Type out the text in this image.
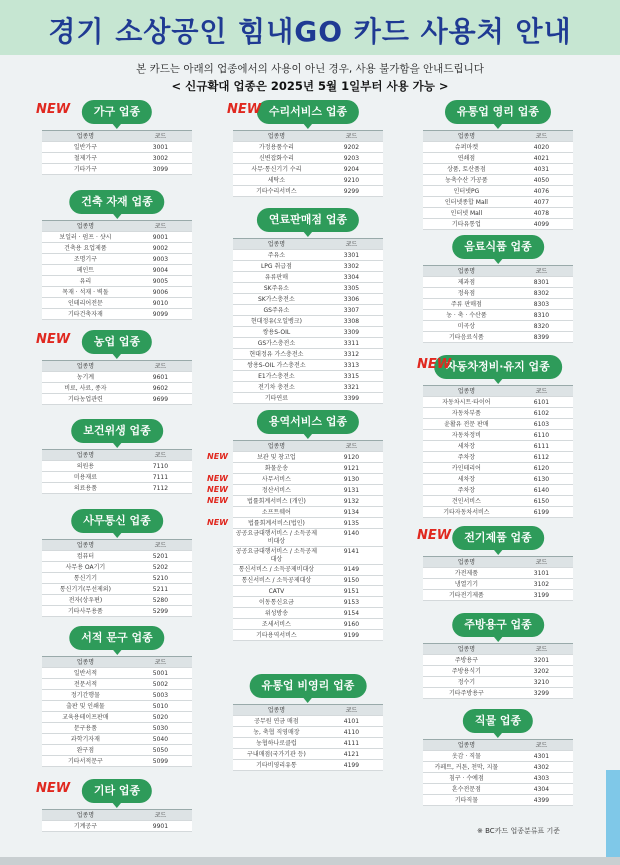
경기 소상공인 힘내GO 카드 사용처 안내
본 카드는 아래의 업종에서의 사용이 아닌 경우, 사용 불가함을 안내드립니다
< 신규확대 업종은 2025년 5월 1일부터 사용 가능 >
가구 업종
NEW
업종명	코드
일반가구	3001
철제가구	3002
기타가구	3099
건축 자재 업종
업종명	코드
보일러 · 펌프 · 샷시	9001
건축용 요업제품	9002
조명기구	9003
페인트	9004
유리	9005
목재 · 석재 · 벽돌	9006
인테리어전문	9010
기타건축자재	9099
농업 업종
NEW
업종명	코드
농기계	9601
비료, 사료, 종자	9602
기타농업관련	9699
보건위생 업종
업종명	코드
의원용	7110
미용재료	7111
의료용품	7112
사무통신 업종
업종명	코드
컴퓨터	5201
사무용 OA기기	5202
통신기기	5210
통신기기(무선제외)	5211
전자(상우편)	5280
기타사무용품	5299
서적 문구 업종
업종명	코드
일반서적	5001
전문서적	5002
정기간행물	5003
출판 및 인쇄물	5010
교육용테이프판매	5020
문구용품	5030
과학기자재	5040
완구점	5050
기타서적문구	5099
기타 업종
NEW
업종명	코드
기계공구	9901
수리서비스 업종
NEW
업종명	코드
가정용품수리	9202
신변잡화수리	9203
사무·통신기기 수리	9204
세탁소	9210
기타수리서비스	9299
연료판매점 업종
업종명	코드
주유소	3301
LPG 취급점	3302
유류판매	3304
SK주유소	3305
SK가스충전소	3306
GS주유소	3307
현대정유(오일뱅크)	3308
쌍용S-OIL	3309
GS가스충전소	3311
현대정유 가스충전소	3312
쌍용S-OIL 가스충전소	3313
E1가스충전소	3315
전기차 충전소	3321
기타연료	3399
용역서비스 업종
업종명	코드
보관 및 창고업	9120
NEW
화물운송	9121
사무서비스	9130
NEW
정산서비스	9131
NEW
법률회계서비스 (개인)	9132
NEW
소프트웨어	9134
법률회계서비스(법인)	9135
NEW
공공요금대행서비스 / 소득공제비대상
9140
공공요금대행서비스 / 소득공제대상
9141
통신서비스 / 소득공제비대상	9149
통신서비스 / 소득공제대상	9150
CATV	9151
이동통신요금	9153
위성방송	9154
조세서비스	9160
기타용역서비스	9199
유통업 비영리 업종
업종명	코드
공무원 연금 매점	4101
농, 축협 직영매장	4110
농협하나로클럽	4111
구내매점(국가기관 등)	4121
기타비영리유통	4199
유통업 영리 업종
업종명	코드
슈퍼마켓	4020
연쇄점	4021
상품, 토산품점	4031
농축수산 가공품	4050
인터넷PG	4076
인터넷종합 Mall	4077
인터넷 Mall	4078
기타유통업	4099
음료식품 업종
업종명	코드
제과점	8301
정육점	8302
주류 판매점	8303
농 · 축 · 수산품	8310
미곡상	8320
기타음료식품	8399
자동차정비·유지 업종
NEW
업종명	코드
자동차시트·타이어	6101
자동차부품	6102
윤활유 전문 판매	6103
자동차정비	6110
세차장	6111
주차장	6112
카인테리어	6120
세차장	6130
주차장	6140
견인서비스	6150
기타자동차서비스	6199
전기제품 업종
NEW
업종명	코드
가전제품	3101
냉열기기	3102
기타전기제품	3199
주방용구 업종
업종명	코드
주방용구	3201
주방용식기	3202
정수기	3210
기타주방용구	3299
직물 업종
업종명	코드
옷감 · 직물	4301
카페트, 커튼, 천막, 지물	4302
침구 · 수예점	4303
혼수전문점	4304
기타직물	4399
※ BC카드 업종분류표 기준
